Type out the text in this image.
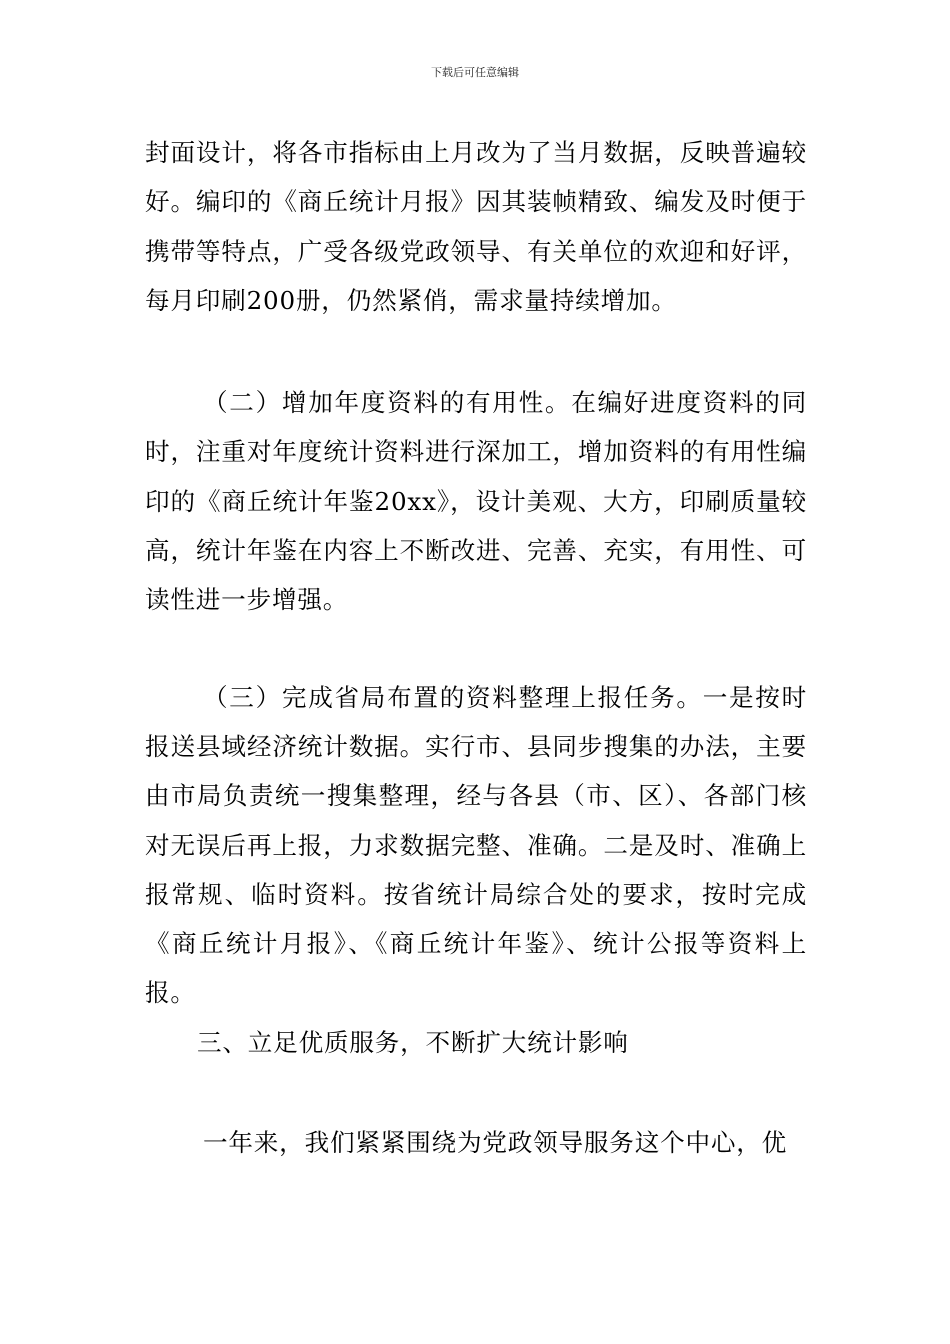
下载后可任意编辑

封面设计，将各市指标由上月改为了当月数据，反映普遍较好。编印的《商丘统计月报》因其装帧精致、编发及时便于携带等特点，广受各级党政领导、有关单位的欢迎和好评，每月印刷200册，仍然紧俏，需求量持续增加。

（二）增加年度资料的有用性。在编好进度资料的同时，注重对年度统计资料进行深加工，增加资料的有用性编印的《商丘统计年鉴20xx》，设计美观、大方，印刷质量较高，统计年鉴在内容上不断改进、完善、充实，有用性、可读性进一步增强。

（三）完成省局布置的资料整理上报任务。一是按时报送县域经济统计数据。实行市、县同步搜集的办法，主要由市局负责统一搜集整理，经与各县（市、区）、各部门核对无误后再上报，力求数据完整、准确。二是及时、准确上报常规、临时资料。按省统计局综合处的要求，按时完成《商丘统计月报》、《商丘统计年鉴》、统计公报等资料上报。

三、立足优质服务，不断扩大统计影响

一年来，我们紧紧围绕为党政领导服务这个中心，优
